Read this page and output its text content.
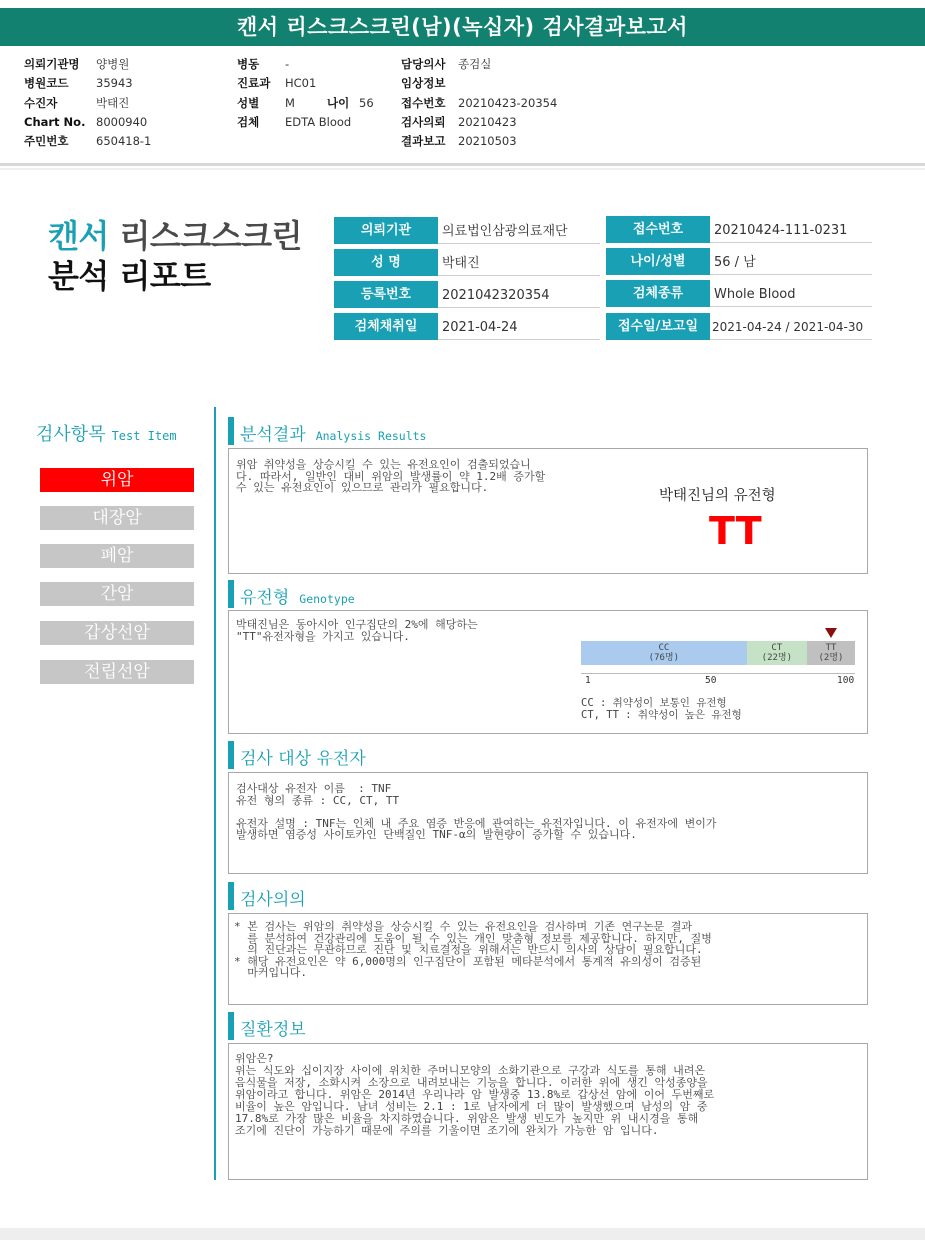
캔서 리스크스크린(남)(녹십자) 검사결과보고서
의뢰기관명 양병원
병원코드 35943
수진자	박태진
Chart No. 8000940
주민번호 650418-1
병동 -
진료과 HC01
성별 M	나이 56
검체 EDTA Blood
담당의사 종검실
임상정보
접수번호 20210423-20354
검사의뢰 20210423
결과보고 20210503
캔서 리스크스크린
분석 리포트
의뢰기관	의료법인삼광의료재단
성 명	박태진
등록번호	2021042320354
검체채취일	2021-04-24
접수번호	20210424-111-0231
나이/성별	56 / 남
검체종류	Whole Blood
접수일/보고일	2021-04-24 / 2021-04-30
검사항목 Test Item
위암
대장암
폐암
간암
갑상선암
전립선암
분석결과 Analysis Results
위암 취약성을 상승시킬 수 있는 유전요인이 검출되었습니
다. 따라서, 일반인 대비 위암의 발생률이 약 1.2배 증가할
수 있는 유전요인이 있으므로 관리가 필요합니다.
박태진님의 유전형
TT
유전형 Genotype
박태진님은 동아시아 인구집단의 2%에 해당하는
"TT"유전자형을 가지고 있습니다.
CC
(76명)
CT
(22명)
TT
(2명)
1	50	100
CC : 취약성이 보통인 유전형
CT, TT : 취약성이 높은 유전형
검사 대상 유전자
검사대상 유전자 이름  : TNF
유전 형의 종류 : CC, CT, TT

유전자 설명 : TNF는 인체 내 주요 염증 반응에 관여하는 유전자입니다. 이 유전자에 변이가
발생하면 염증성 사이토카인 단백질인 TNF-α의 발현량이 증가할 수 있습니다.
검사의의
* 본 검사는 위암의 취약성을 상승시킬 수 있는 유전요인을 검사하며 기존 연구논문 결과
를 분석하여 건강관리에 도움이 될 수 있는 개인 맞춤형 정보를 제공합니다. 하지만, 질병
의 진단과는 무관하므로 진단 및 치료결정을 위해서는 반드시 의사의 상담이 필요합니다.
* 해당 유전요인은 약 6,000명의 인구집단이 포함된 메타분석에서 통계적 유의성이 검증된
마커입니다.
질환정보
위암은?
위는 식도와 십이지장 사이에 위치한 주머니모양의 소화기관으로 구강과 식도를 통해 내려온
음식물을 저장, 소화시켜 소장으로 내려보내는 기능을 합니다. 이러한 위에 생긴 악성종양을
위암이라고 합니다. 위암은 2014년 우리나라 암 발생중 13.8%로 갑상선 암에 이어 두번째로
비율이 높은 암입니다. 남녀 성비는 2.1 : 1로 남자에게 더 많이 발생했으며 남성의 암 중
17.8%로 가장 많은 비율을 차지하였습니다. 위암은 발생 빈도가 높지만 위 내시경을 통해
조기에 진단이 가능하기 때문에 주의를 기울이면 조기에 완치가 가능한 암 입니다.
